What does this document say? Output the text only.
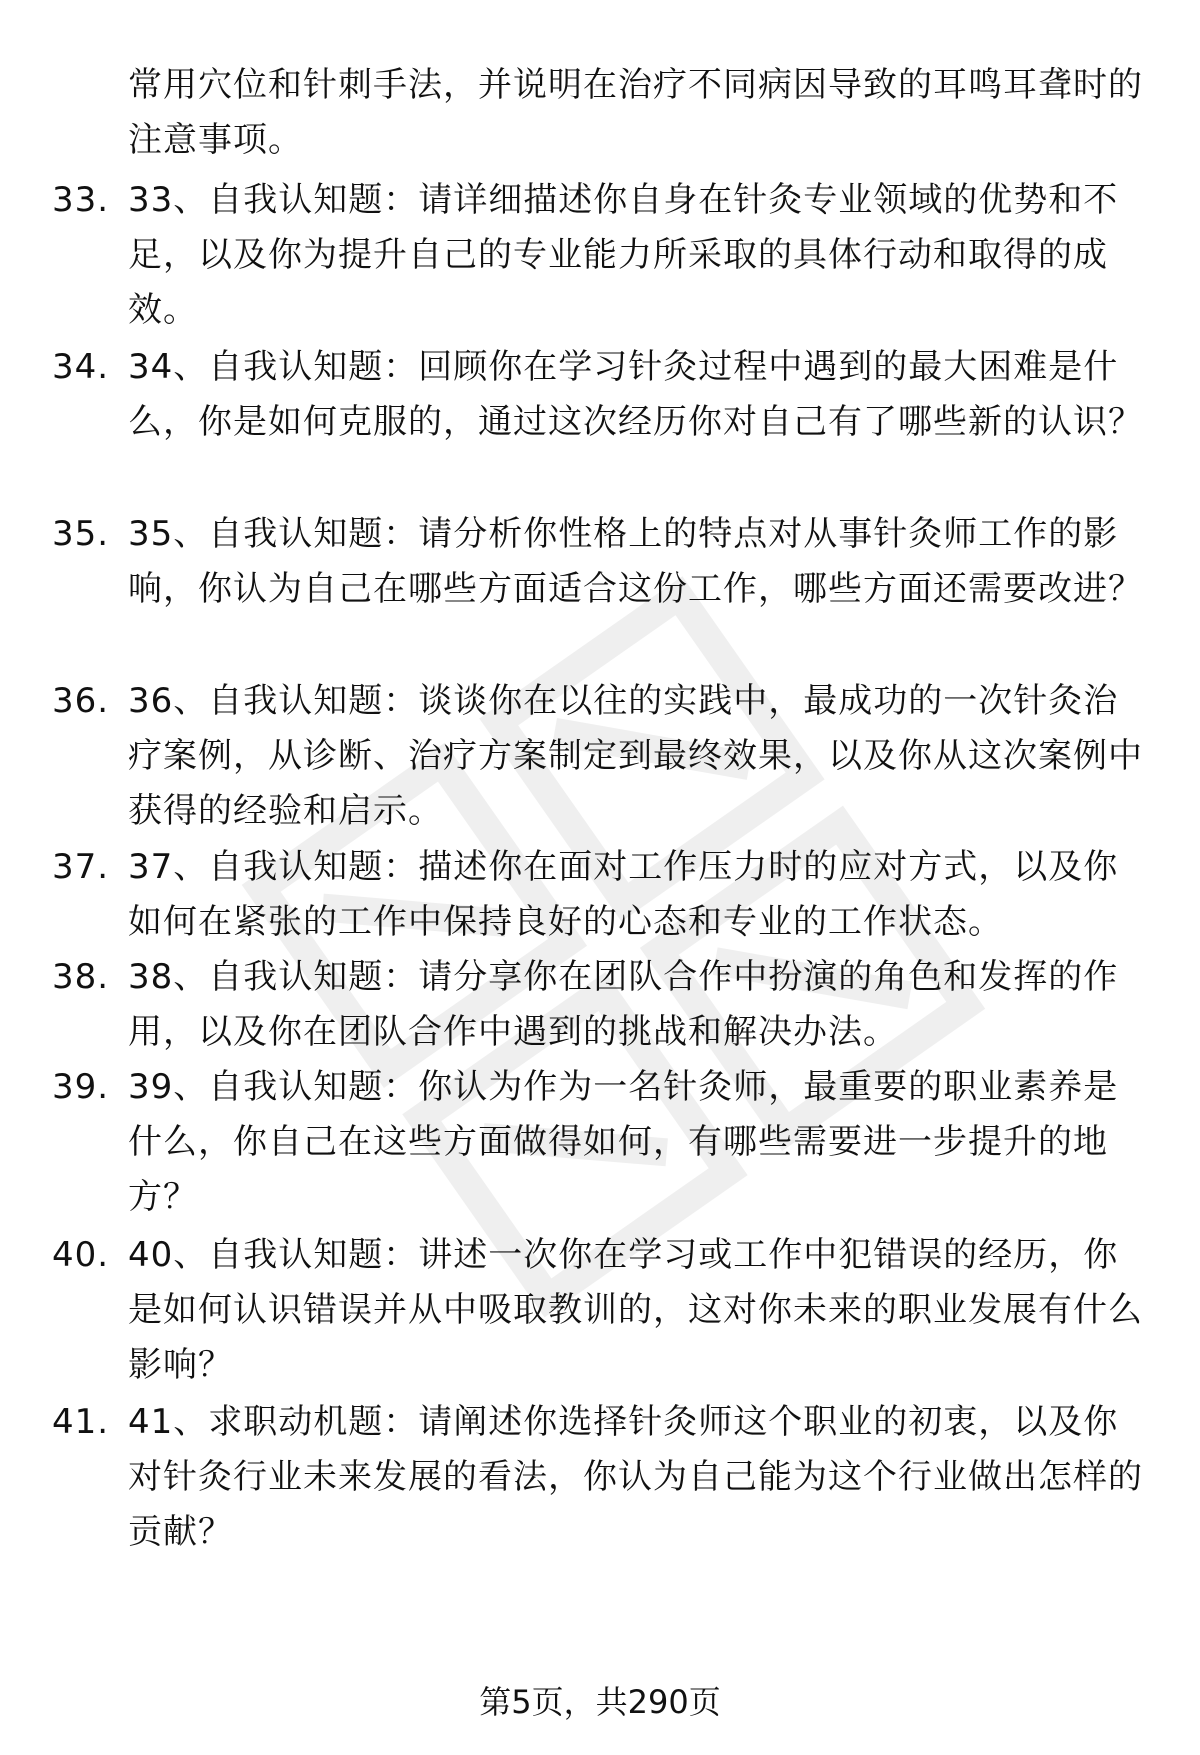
常用穴位和针刺手法，并说明在治疗不同病因导致的耳鸣耳聋时的注意事项。
33. 33、自我认知题：请详细描述你自身在针灸专业领域的优势和不足，以及你为提升自己的专业能力所采取的具体行动和取得的成效。
34. 34、自我认知题：回顾你在学习针灸过程中遇到的最大困难是什么，你是如何克服的，通过这次经历你对自己有了哪些新的认识？
35. 35、自我认知题：请分析你性格上的特点对从事针灸师工作的影响，你认为自己在哪些方面适合这份工作，哪些方面还需要改进？
36. 36、自我认知题：谈谈你在以往的实践中，最成功的一次针灸治疗案例，从诊断、治疗方案制定到最终效果，以及你从这次案例中获得的经验和启示。
37. 37、自我认知题：描述你在面对工作压力时的应对方式，以及你如何在紧张的工作中保持良好的心态和专业的工作状态。
38. 38、自我认知题：请分享你在团队合作中扮演的角色和发挥的作用，以及你在团队合作中遇到的挑战和解决办法。
39. 39、自我认知题：你认为作为一名针灸师，最重要的职业素养是什么，你自己在这些方面做得如何，有哪些需要进一步提升的地方？
40. 40、自我认知题：讲述一次你在学习或工作中犯错误的经历，你是如何认识错误并从中吸取教训的，这对你未来的职业发展有什么影响？
41. 41、求职动机题：请阐述你选择针灸师这个职业的初衷，以及你对针灸行业未来发展的看法，你认为自己能为这个行业做出怎样的贡献？
第5页，共290页
